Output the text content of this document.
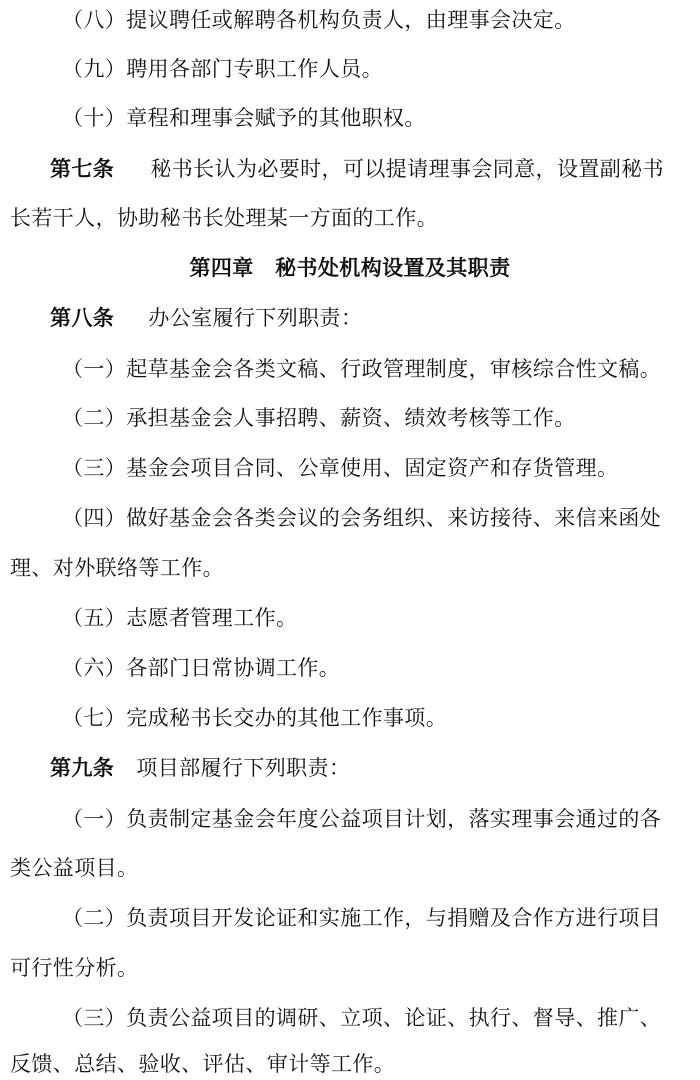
（八）提议聘任或解聘各机构负责人，由理事会决定。
（九）聘用各部门专职工作人员。
（十）章程和理事会赋予的其他职权。
第七条 秘书长认为必要时，可以提请理事会同意，设置副秘书
长若干人，协助秘书长处理某一方面的工作。
第四章　秘书处机构设置及其职责
第八条 办公室履行下列职责：
（一）起草基金会各类文稿、行政管理制度，审核综合性文稿。
（二）承担基金会人事招聘、薪资、绩效考核等工作。
（三）基金会项目合同、公章使用、固定资产和存货管理。
（四）做好基金会各类会议的会务组织、来访接待、来信来函处
理、对外联络等工作。
（五）志愿者管理工作。
（六）各部门日常协调工作。
（七）完成秘书长交办的其他工作事项。
第九条 项目部履行下列职责：
（一）负责制定基金会年度公益项目计划，落实理事会通过的各
类公益项目。
（二）负责项目开发论证和实施工作，与捐赠及合作方进行项目
可行性分析。
（三）负责公益项目的调研、立项、论证、执行、督导、推广、
反馈、总结、验收、评估、审计等工作。
